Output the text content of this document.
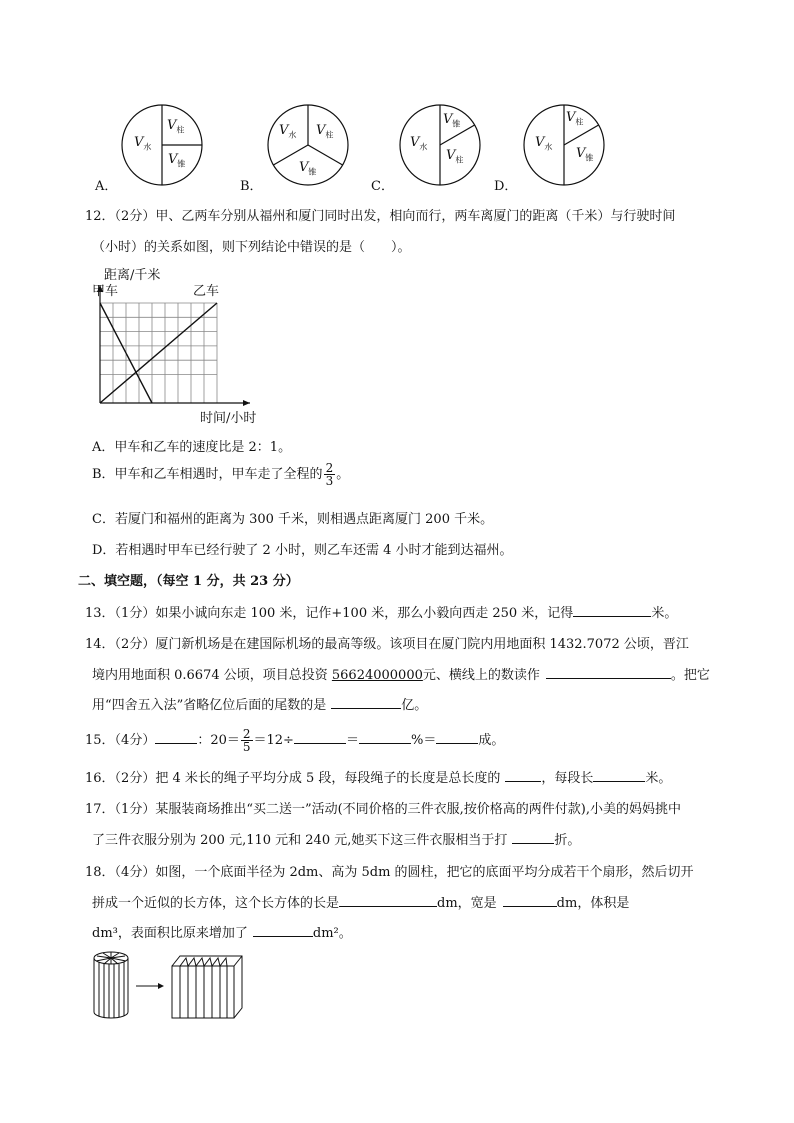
$V_柱$
$V_水$
$V_锥$
A．
$V_水$ $V_柱$
$V_锥$
B．
$V_锥$
$V_水$
$V_柱$
C．
$V_柱$
$V_水$ $V_锥$
D．
12．（2分）甲、乙两车分别从福州和厦门同时出发，相向而行，两车离厦门的距离（千米）与行驶时间
（小时）的关系如图，则下列结论中错误的是（　　）。
距离/千米
甲车	乙车
时间/小时
A．甲车和乙车的速度比是 2：1。
B．甲车和乙车相遇时，甲车走了全程的 $\frac{2}{3}$ 。
C．若厦门和福州的距离为 300 千米，则相遇点距离厦门 200 千米。
D．若相遇时甲车已经行驶了 2 小时，则乙车还需 4 小时才能到达福州。
二、填空题，（每空 1 分，共 23 分）
13．（1分）如果小诚向东走 100 米，记作+100 米，那么小毅向西走 250 米，记得	米。
14．（2分）厦门新机场是在建国际机场的最高等级。该项目在厦门院内用地面积 1432.7072 公顷，晋江
境内用地面积 0.6674 公顷，项目总投资 56624000000元、横线上的数读作	。把它
用“四舍五入法”省略亿位后面的尾数的是	亿。
15．（4分）	：$20= \frac{2}{5} =12\div$	＝	%＝	成。
16．（2分）把 4 米长的绳子平均分成 5 段，每段绳子的长度是总长度的	，每段长	米。
17．（1分）某服装商场推出“买二送一”活动(不同价格的三件衣服,按价格高的两件付款),小美的妈妈挑中
了三件衣服分别为 200 元,110 元和 240 元,她买下这三件衣服相当于打	折。
18．（4分）如图，一个底面半径为 2dm、高为 5dm 的圆柱，把它的底面平均分成若干个扇形，然后切开
拼成一个近似的长方体，这个长方体的长是	dm，宽是	dm，体积是
dm³，表面积比原来增加了	dm²。
